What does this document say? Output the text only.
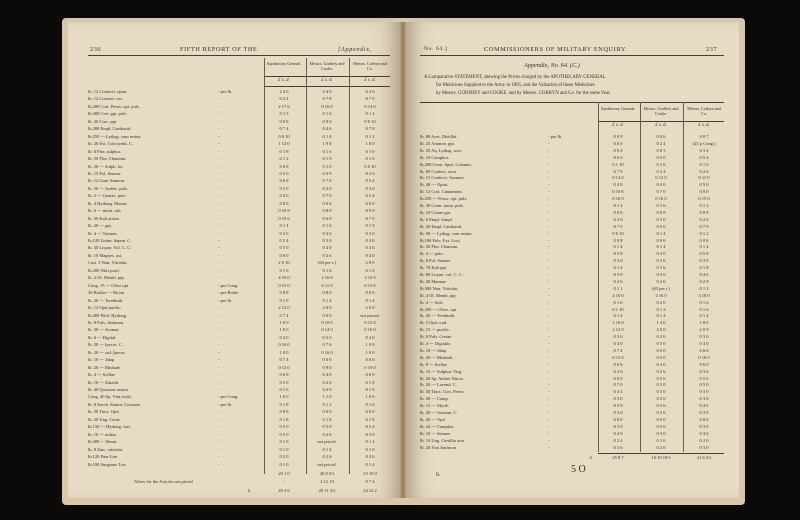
236	FIFTH REPORT OF THE	[Appendix,
Apothecary General.	Messrs. Godfrey and Cooke.
Messrs. Corbyn and Co.
£ s. d.	£ s. d.	£ s. d.
lb. 12 Confecti. opiat.	- per lb.	2 4 0	0 4 0	0 3 6
lb. 12 Conserv. ros.	-	0 2 4	0 7 8	0 7 0
lb.200 Cort. Peruv. opt. pulv.	-	2 17 6	0 16 0	0 14 0
lb.300 Cret. ppt. pulv.	-	0 1 3	0 1 6	0 1 4
lb. 30 Croc. ppt.	-	0 0 8	0 0 6	0 0 10
lb.200 Empl. Cantharid.	-	0 7 4	0 4 6	0 7 0
lb.250 --- Lythag. cum resina	-	0 0 10	0 1 4	0 1 2
lb. 20 Ext. Colocynth. C.	-	1 12 0	1 0 0	1 8 0
lb. 6 Flor. sulphur.	-	0 1 8	0 1 6	0 1 6
lb. 50 Flor. Chamom.	-	0 1 2	0 1 9	0 1 6
lb. 20 --- Sulph. lot.	-	0 0 8	0 1 0	0 0 10
lb. 15 Fol. Sennae	-	0 3 0	0 3 9	0 3 0
lb. 12 Gum Ammon.	-	0 6 8	0 7 6	0 5 4
lb. 50 --- Arabic. pulv.	-	0 3 6	0 3 0	0 3 0
lb. 2 --- Guaiac. pulv.	-	0 4 0	0 7 0	0 5 4
lb. 4 Hydrarg. Muriat.	-	0 8 0	0 6 6	0 6 0
lb. 6 --- nitrat. rub.	-	0 10 8	0 8 0	0 9 0
lb. 30 Kali acetat.	-	0 10 6	0 6 0	0 7 0
lb. 20 --- ppt.	-	0 1 4	0 1 6	0 1 9
lb. 4 --- Tartariz.	-	0 3 6	0 3 6	0 3 0
lb.120 Linim. Sapon. C.	-	0 5 4	0 5 0	0 4 8
lb. 30 Liquor. Vol. C. C.	-	0 5 0	0 4 0	0 4 6
lb. 10 Magnes. ust.	-	0 6 0	0 3 6	0 4 0
Cast. 5 Natr. Vitriolat.	-	2 0 10	(63 per t.)	2 8 0
lb.200 Nitri purif.	-	0 1 6	0 1 6	0 1 6
lb. 2 Ol. Menth. pip.	-	4 16 0	2 16 0	3 10 0
Cong. 15 --- Olive opt.	- per Cong.	0 15 0	0 11 0	0 13 0
36 Bottles --- Ricini	- per Bottle	0 8 8	0 8 0	0 8 0
lb. 20 --- Terebinth.	- per lb.	0 1 6	0 1 4	0 1 4
lb. 12 Opii purific.	-	2 12 0	2 0 0	2 0 0
lb.400 Pilul. Hydrarg.	-	0 7 4	0 6 0	not priced.
lb. 8 Pulv. Antimon.	-	1 0 0	0 10 0	0 12 0
lb. 30 --- Aromat.	-	1 0 0	0 14 0	0 16 0
lb. 6 --- Digital.	-	0 4 0	0 5 0	0 4 0
lb. 20 --- Ipecac. C.	-	0 16 0	0 7 6	1 0 0
lb. 20 --- rad. Ipecac.	-	1 0 0	0 16 0	1 0 0
lb. 10 --- Jalap.	-	0 7 4	0 6 0	0 6 0
lb. 20 --- Rhubarb	-	0 12 0	0 9 0	0 10 0
lb. 4 --- Scillae	-	0 6 8	0 4 0	0 6 0
lb. 10 --- Zinziib.	-	0 3 0	0 2 6	0 1 8
lb. 40 Quassiae rasura	-	0 1 6	0 2 0	0 1 8
Cong. 40 Sp. Vini rectif.	- per Cong.	1 6 0	1 1 0	1 6 0
lb. 8 Sacch. Saturn. Cerussae	- per lb.	0 1 8	0 1 2	0 1 6
lb. 30 Tinct. Opii	-	0 8 8	0 6 0	0 8 0
lb. 20 Ung. Cerae	-	0 1 8	0 1 8	0 1 8
lb.150 --- Hydrarg. fort.	-	0 5 0	0 5 0	0 5 4
lb. 16 --- mitius	-	0 3 0	0 2 6	0 3 0
lb.300 --- Resin.	-	0 1 0	not priced.	0 1 4
lb. 8 Zinc. vitriolat.	-	0 1 0	0 1 4	0 1 0
lb.120 Fine Lint	-	0 2 0	0 2 6	0 2 6
lb.100 Surgeons Tow	-	0 1 0	not priced.	0 1 4
29 1 0	20 8 5½	23 10 0
Allow for the Articles not priced	-	2 12 10	0 7 4
£.	29 4 6	20 11 3½	24 12 2
No. 64.]	COMMISSIONERS OF MILITARY ENQUIRY.	237
Appendix, No. 64. (C.)
A Comparative STATEMENT, shewing the Prices charged by the APOTHECARY GENERAL
for Medicines Supplied to the Army in 1805; and the Valuation of those Medicines
by Messrs. GODFREY and COOKE, and by Messrs. CORBYN and Co. for the same Year.
Apothecary General.	Messrs. Godfrey and Cooke.
Messrs. Corbyn and Co.
£ s. d.	£ s. d.	£ s. d.
lb. 80 Acet. Distillat.	- per lb.	0 0 9	0 0 6	0 0 7
lb. 25 Ammon. ppt.	-	0 6 0	0 2 4	(23 p Cong.)
lb. 35 Aq. Lythag. acet.	-	0 0 4	0 0 3	0 3 4
lb. 10 Camphor.	-	0 6 0	0 5 0	0 5 4
lb.200 Cerat. Spiri. Calamin.	-	0 1 10	0 1 6	0 1 6
lb. 80 Confect. aron.	-	0 7 0	0 2 4	0 2 6
lb. 15 Confecti. Ammon.	-	0 14 0	0 12 0	0 11 0
lb. 40 --- Opiat.	-	0 4 8	0 4 0	0 5 0
lb. 12 Cort. Cinnamom.	-	0 10 6	0 7 0	0 8 0
lb.250 --- Peruv. opt. pulv.	-	0 18 0	0 16 0	0 15 0
lb. 30 Crem. tartar. pulv.	-	0 1 4	0 1 6	0 1 2
lb. 10 Cretae ppt.	-	0 0 8	0 0 9	0 0 8
lb. 6 Empl. Simpl.	-	0 3 0	0 3 0	0 2 0
lb. 20 Empl. Cantharid.	-	0 7 0	0 6 0	0 7 0
lb. 90 --- Lythag. cum resina	-	0 0 10	0 1 4	0 1 2
lb.100 Fulv. Ext. Liwi	-	0 0 8	0 0 6	0 0 6
lb. 30 Flor. Chamom.	-	0 1 4	0 1 4	0 1 4
lb. 4 --- pulv.	-	0 5 8	0 4 0	0 5 8
lb. 8 Fol. Sennae	-	0 3 0	0 3 6	0 3 0
lb. 70 Kali ppt.	-	0 1 4	0 1 6	0 1 8
lb. 80 Liquor. vol. C. C.	-	0 5 0	0 4 6	0 4 6
lb. 20 Mannae	-	0 2 6	0 2 6	0 2 8
lb.300 Natr. Vitriolat.	-	0 1 1	(63 per t.)	0 1 2
lb. 4 Ol. Menth. pip.	-	4 16 0	2 16 0	3 10 0
lb. 4 --- Sulc.	-	0 1 6	0 2 0	0 1 6
lb.200 --- Olive. opt.	-	0 1 10	0 1 3	0 1 6
lb. 20 --- Terebinth.	-	0 1 4	0 1 4	0 1 4
lb. 3 Opii crud.	-	1 16 0	1 4 0	1 8 0
lb. 15 --- purific.	-	2 12 0	2 0 0	2 0 0
lb. 8 Pulv. Cretae	-	0 3 6	0 2 6	0 3 0
lb. 4 --- Digitalis	-	0 4 0	0 5 0	0 4 0
lb. 10 --- Jalap	-	0 7 4	0 6 0	0 6 0
lb. 20 --- Rhubarb	-	0 12 0	0 9 0	0 10 0
lb. 8 --- Scillae	-	0 6 8	0 4 0	0 6 0
lb. 10 --- Sulphur. Virg.	-	0 3 6	0 2 6	0 3 0
lb. 20 Sp. Aether Nitros.	-	0 6 0	0 5 6	0 5 6
lb. 20 --- Lavend. C.	-	0 7 0	0 5 0	0 5 0
lb. 30 Tinct. Cort. Peruv.	-	0 4 4	0 3 0	0 3 0
lb. 20 --- Camp.	-	0 3 0	0 2 6	0 3 0
lb. 12 --- Myrrh	-	0 5 0	0 3 6	0 4 0
lb. 20 --- Gentian. C.	-	0 3 0	0 2 6	0 3 0
lb. 20 --- Opii	-	0 8 0	0 6 0	0 8 0
lb. 24 --- Camphor.	-	0 3 0	0 2 6	0 3 0
lb. 10 --- Sennae	-	0 4 0	0 3 0	0 3 6
lb. 10 Ung. Cerullia acet.	-	0 2 4	0 1 6	0 2 0
lb. 20 Vini Antimon.	-	0 3 6	0 2 6	0 3 0
£.	25 8 7	16 10 10½	21 6 2½
6.	5 O
